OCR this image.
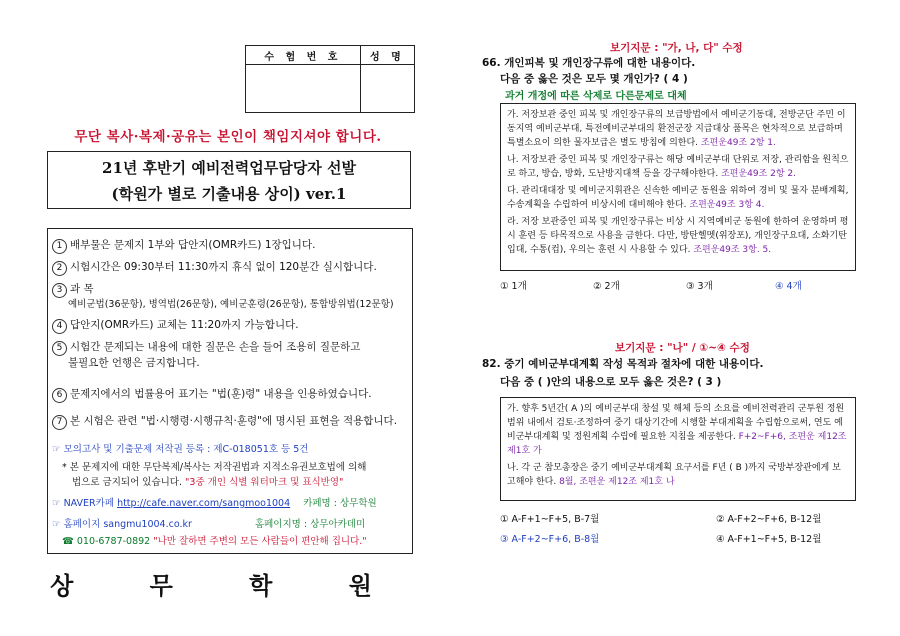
수 험 번 호	성 명

무단 복사·복제·공유는 본인이 책임지셔야 합니다.
21년 후반기 예비전력업무담당자 선발
(학원가 별로 기출내용 상이) ver.1
1 배부물은 문제지 1부와 답안지(OMR카드) 1장입니다.
2 시험시간은 09:30부터 11:30까지 휴식 없이 120분간 실시합니다.
3 과 목
예비군법(36문항), 병역법(26문항), 예비군훈령(26문항), 통합방위법(12문항)
4 답안지(OMR카드) 교체는 11:20까지 가능합니다.
5 시험간 문제되는 내용에 대한 질문은 손을 들어 조용히 질문하고
불필요한 언행은 금지합니다.
6 문제지에서의 법률용어 표기는 "법(훈)령" 내용을 인용하였습니다.
7 본 시험은 관련 "법·시행령·시행규칙·훈령"에 명시된 표현을 적용합니다.
☞ 모의고사 및 기출문제 저작권 등록 : 제C-018051호 등 5건
* 본 문제지에 대한 무단복제/복사는 저작권법과 지적소유권보호법에 의해
법으로 금지되어 있습니다. "3중 개인 식별 워터마크 및 표식반영"
☞ NAVER카페 http://cafe.naver.com/sangmoo1004 카페명 : 상무학원
☞ 홈페이지 sangmu1004.co.kr	홈페이지명 : 상무아카데미
☎ 010-6787-0892 "나만 잘하면 주변의 모든 사람들이 편안해 집니다."
상 무 학 원
보기지문 : "가, 나, 다" 수정
66. 개인피복 및 개인장구류에 대한 내용이다.
다음 중 옳은 것은 모두 몇 개인가? ( 4 )
과거 개정에 따른 삭제로 다른문제로 대체

가. 저장보관 중인 피복 및 개인장구류의 보급방법에서 예비군기동대, 전방군단 주민 이동지역 예비군부대, 특전예비군부대의 환전군장 지급대상 품목은 현차적으로 보급하며 특별소요이 의한 물자보급은 별도 방침에 의한다. 조편운49조 2항 1.

나. 저장보관 중인 피복 및 개인장구류는 해당 예비군부대 단위로 저장, 관리함을 원칙으로 하고, 방습, 방화, 도난방지대책 등을 강구해야한다. 조편운49조 2항 2.

다. 관리대대장 및 예비군지휘관은 신속한 예비군 동원을 위하여 경비 및 물자 분배계획, 수송계획을 수립하여 비상시에 대비해야 한다. 조편운49조 3항 4.

라. 저장 보관중인 피복 및 개인장구류는 비상 시 지역예비군 동원에 한하여 운영하며 평시 훈련 등 타목적으로 사용을 금한다. 다만, 방탄헬멧(위장포), 개인장구요대, 소화기탄입대, 수통(컵), 우의는 훈련 시 사용할 수 있다. 조편운49조 3항. 5.

① 1개	② 2개	③ 3개	④ 4개
보기지문 : "나" / ①~④ 수정
82. 중기 예비군부대계획 작성 목적과 절차에 대한 내용이다.
다음 중 ( )안의 내용으로 모두 옳은 것은? ( 3 )

가. 향후 5년간( A )의 예비군부대 창설 및 해체 등의 소요를 예비전력관리 군투원 정원 범위 내에서 검토·조정하여 중기 대상기간에 시행할 부대계획을 수립함으로써, 연도 예비군부대계획 및 정원계획 수립에 필요한 지침을 제공한다. F+2~F+6, 조편운 제12조 제1호 가

나. 각 군 참모총장은 중기 예비군부대계획 요구서를 F년 ( B )까지 국방부장관에게 보고해야 한다. 8월, 조편운 제12조 제1호 나

① A-F+1~F+5, B-7월	② A-F+2~F+6, B-12월
③ A-F+2~F+6, B-8월	④ A-F+1~F+5, B-12월
